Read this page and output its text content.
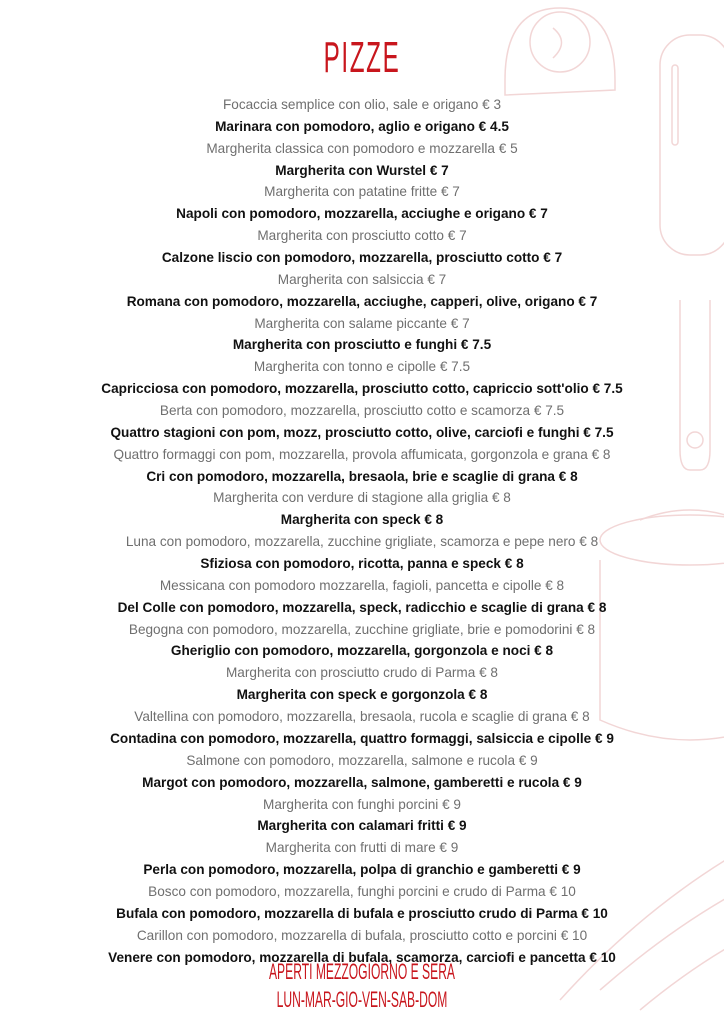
PIZZE
Focaccia semplice con olio, sale e origano € 3
Marinara con pomodoro, aglio e origano € 4.5
Margherita classica con pomodoro e mozzarella € 5
Margherita con Wurstel € 7
Margherita con patatine fritte € 7
Napoli con pomodoro, mozzarella, acciughe e origano € 7
Margherita con prosciutto cotto € 7
Calzone liscio con pomodoro, mozzarella, prosciutto cotto € 7
Margherita con salsiccia € 7
Romana con pomodoro, mozzarella, acciughe, capperi, olive, origano € 7
Margherita con salame piccante € 7
Margherita con prosciutto e funghi € 7.5
Margherita con tonno e cipolle € 7.5
Capricciosa con pomodoro, mozzarella, prosciutto cotto, capriccio sott'olio € 7.5
Berta con pomodoro, mozzarella, prosciutto cotto e scamorza € 7.5
Quattro stagioni con pom, mozz, prosciutto cotto, olive, carciofi e funghi € 7.5
Quattro formaggi con pom, mozzarella, provola affumicata, gorgonzola e grana € 8
Cri con pomodoro, mozzarella, bresaola, brie e scaglie di grana € 8
Margherita con verdure di stagione alla griglia € 8
Margherita con speck € 8
Luna con pomodoro, mozzarella, zucchine grigliate, scamorza e pepe nero € 8
Sfiziosa con pomodoro, ricotta, panna e speck € 8
Messicana con pomodoro mozzarella, fagioli, pancetta e cipolle € 8
Del Colle con pomodoro, mozzarella, speck, radicchio e scaglie di grana € 8
Begogna con pomodoro, mozzarella, zucchine grigliate, brie e pomodorini € 8
Gheriglio con pomodoro, mozzarella, gorgonzola e noci € 8
Margherita con prosciutto crudo di Parma € 8
Margherita con speck e gorgonzola € 8
Valtellina con pomodoro, mozzarella, bresaola, rucola e scaglie di grana € 8
Contadina con pomodoro, mozzarella, quattro formaggi, salsiccia e cipolle € 9
Salmone con pomodoro, mozzarella, salmone e rucola € 9
Margot con pomodoro, mozzarella, salmone, gamberetti e rucola € 9
Margherita con funghi porcini € 9
Margherita con calamari fritti € 9
Margherita con frutti di mare € 9
Perla con pomodoro, mozzarella, polpa di granchio e gamberetti € 9
Bosco con pomodoro, mozzarella, funghi porcini e crudo di Parma € 10
Bufala con pomodoro, mozzarella di bufala e prosciutto crudo di Parma € 10
Carillon con pomodoro, mozzarella di bufala, prosciutto cotto e porcini € 10
Venere con pomodoro, mozzarella di bufala, scamorza, carciofi e pancetta € 10
APERTI MEZZOGIORNO E SERA
LUN-MAR-GIO-VEN-SAB-DOM
